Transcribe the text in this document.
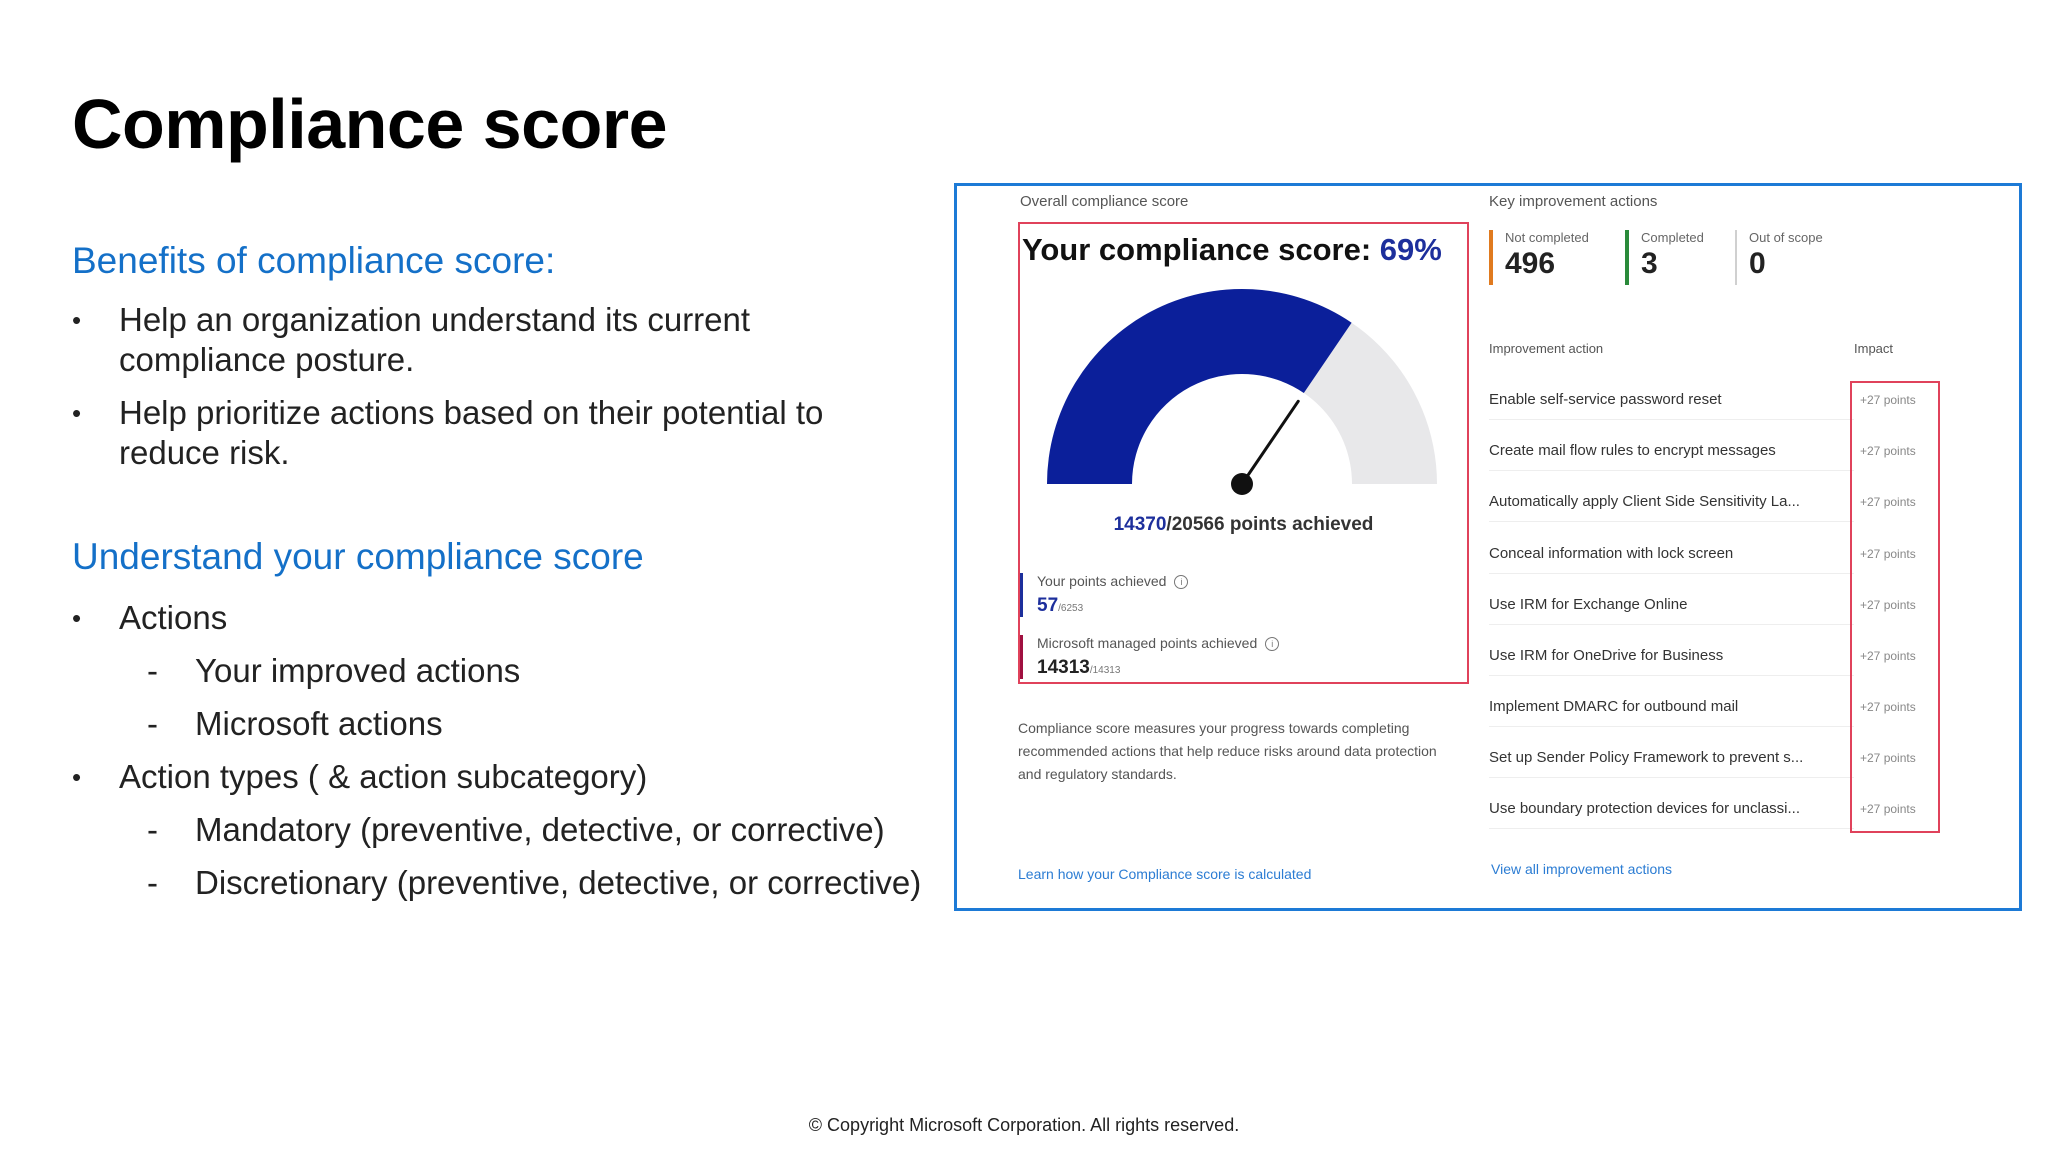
Compliance score
Benefits of compliance score:
• Help an organization understand its current compliance posture.
• Help prioritize actions based on their potential to reduce risk.
Understand your compliance score
• Actions
- Your improved actions
- Microsoft actions
• Action types ( & action subcategory)
- Mandatory (preventive, detective, or corrective)
- Discretionary (preventive, detective, or corrective)
Overall compliance score
Your compliance score: 69%
14370/20566 points achieved
Your points achieved i
57/6253
Microsoft managed points achieved i
14313/14313
Compliance score measures your progress towards completing recommended actions that help reduce risks around data protection and regulatory standards.
Learn how your Compliance score is calculated
Key improvement actions
Not completed
496
Completed
3
Out of scope
0
Improvement action	Impact
Enable self-service password reset
Create mail flow rules to encrypt messages
Automatically apply Client Side Sensitivity La...
Conceal information with lock screen
Use IRM for Exchange Online
Use IRM for OneDrive for Business
Implement DMARC for outbound mail
Set up Sender Policy Framework to prevent s...
Use boundary protection devices for unclassi...
+27 points
+27 points
+27 points
+27 points
+27 points
+27 points
+27 points
+27 points
+27 points
View all improvement actions
© Copyright Microsoft Corporation. All rights reserved.
